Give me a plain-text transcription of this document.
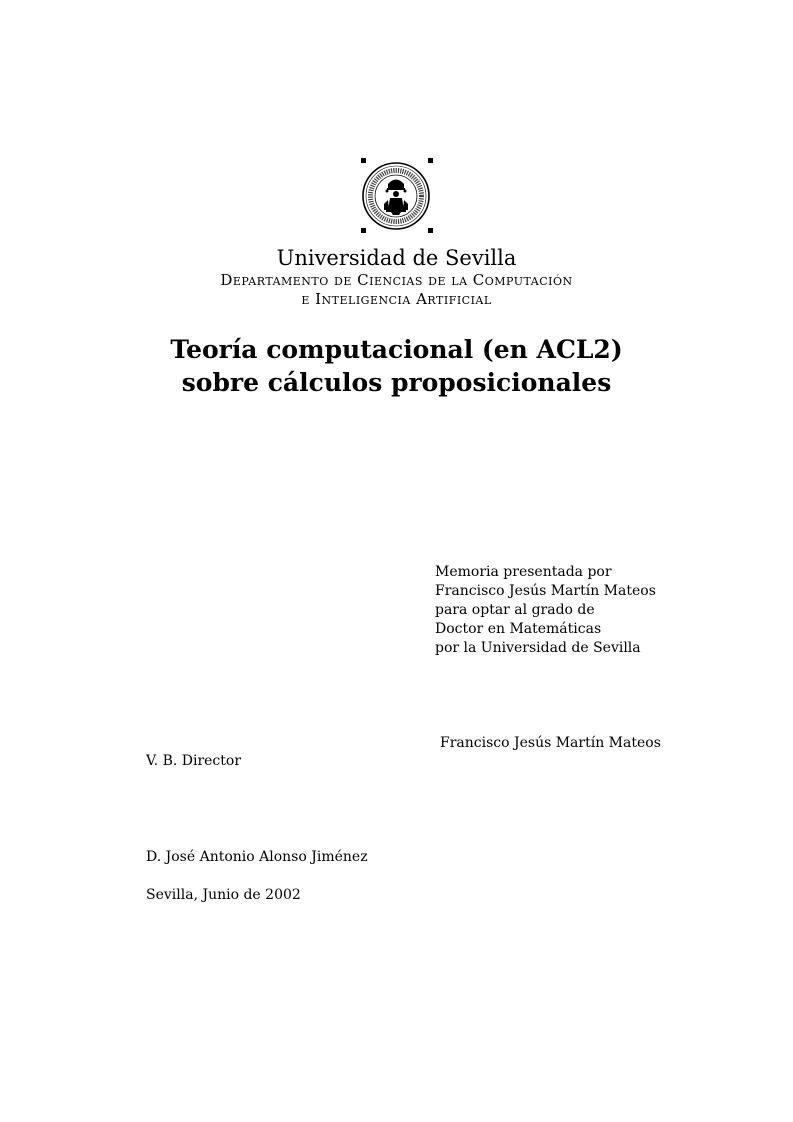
Universidad de Sevilla
Departamento de Ciencias de la Computación
e Inteligencia Artificial
Teoría computacional (en ACL2)
sobre cálculos proposicionales
Memoria presentada por
Francisco Jesús Martín Mateos
para optar al grado de
Doctor en Matemáticas
por la Universidad de Sevilla
Francisco Jesús Martín Mateos
V. B. Director
D. José Antonio Alonso Jiménez
Sevilla, Junio de 2002
